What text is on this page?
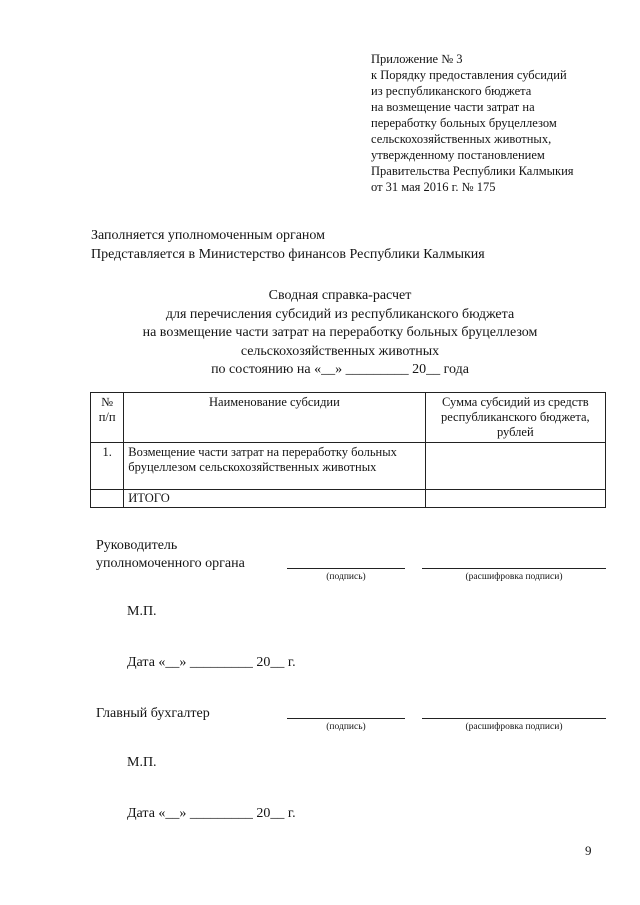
Приложение № 3
к Порядку предоставления субсидий
из республиканского бюджета
на возмещение части затрат на
переработку больных бруцеллезом
сельскохозяйственных животных,
утвержденному постановлением
Правительства Республики Калмыкия
от 31 мая 2016 г. № 175
Заполняется уполномоченным органом
Представляется в Министерство финансов Республики Калмыкия
Сводная справка-расчет
для перечисления субсидий из республиканского бюджета
на возмещение части затрат на переработку больных бруцеллезом
сельскохозяйственных животных
по состоянию на «__» _________ 20__ года
№ п/п	Наименование субсидии	Сумма субсидий из средств республиканского бюджета, рублей
1.	Возмещение части затрат на переработку больных бруцеллезом сельскохозяйственных животных	
	ИТОГО	
Руководитель
уполномоченного органа
(подпись)	(расшифровка подписи)
М.П.
Дата «__» _________ 20__ г.
Главный бухгалтер
(подпись)	(расшифровка подписи)
М.П.
Дата «__» _________ 20__ г.
9
